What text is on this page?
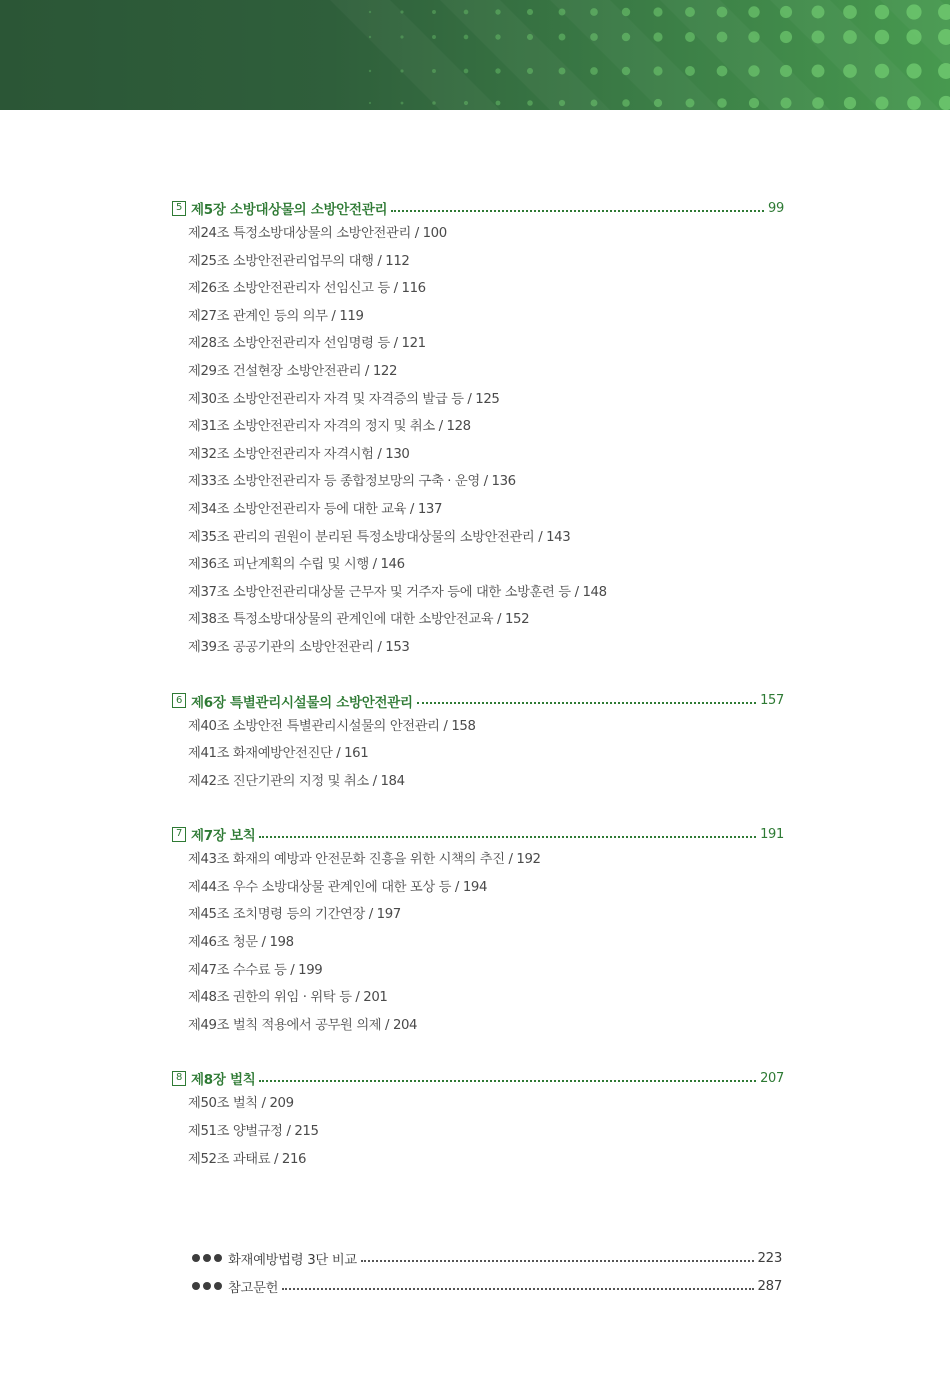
5 제5장 소방대상물의 소방안전관리	99
제24조 특정소방대상물의 소방안전관리 / 100
제25조 소방안전관리업무의 대행 / 112
제26조 소방안전관리자 선임신고 등 / 116
제27조 관계인 등의 의무 / 119
제28조 소방안전관리자 선임명령 등 / 121
제29조 건설현장 소방안전관리 / 122
제30조 소방안전관리자 자격 및 자격증의 발급 등 / 125
제31조 소방안전관리자 자격의 정지 및 취소 / 128
제32조 소방안전관리자 자격시험 / 130
제33조 소방안전관리자 등 종합정보망의 구축 · 운영 / 136
제34조 소방안전관리자 등에 대한 교육 / 137
제35조 관리의 권원이 분리된 특정소방대상물의 소방안전관리 / 143
제36조 피난계획의 수립 및 시행 / 146
제37조 소방안전관리대상물 근무자 및 거주자 등에 대한 소방훈련 등 / 148
제38조 특정소방대상물의 관계인에 대한 소방안전교육 / 152
제39조 공공기관의 소방안전관리 / 153
6 제6장 특별관리시설물의 소방안전관리	157
제40조 소방안전 특별관리시설물의 안전관리 / 158
제41조 화재예방안전진단 / 161
제42조 진단기관의 지정 및 취소 / 184
7 제7장 보칙	191
제43조 화재의 예방과 안전문화 진흥을 위한 시책의 추진 / 192
제44조 우수 소방대상물 관계인에 대한 포상 등 / 194
제45조 조치명령 등의 기간연장 / 197
제46조 청문 / 198
제47조 수수료 등 / 199
제48조 권한의 위임 · 위탁 등 / 201
제49조 벌칙 적용에서 공무원 의제 / 204
8 제8장 벌칙	207
제50조 벌칙 / 209
제51조 양벌규정 / 215
제52조 과태료 / 216
화재예방법령 3단 비교	223
참고문헌	287
